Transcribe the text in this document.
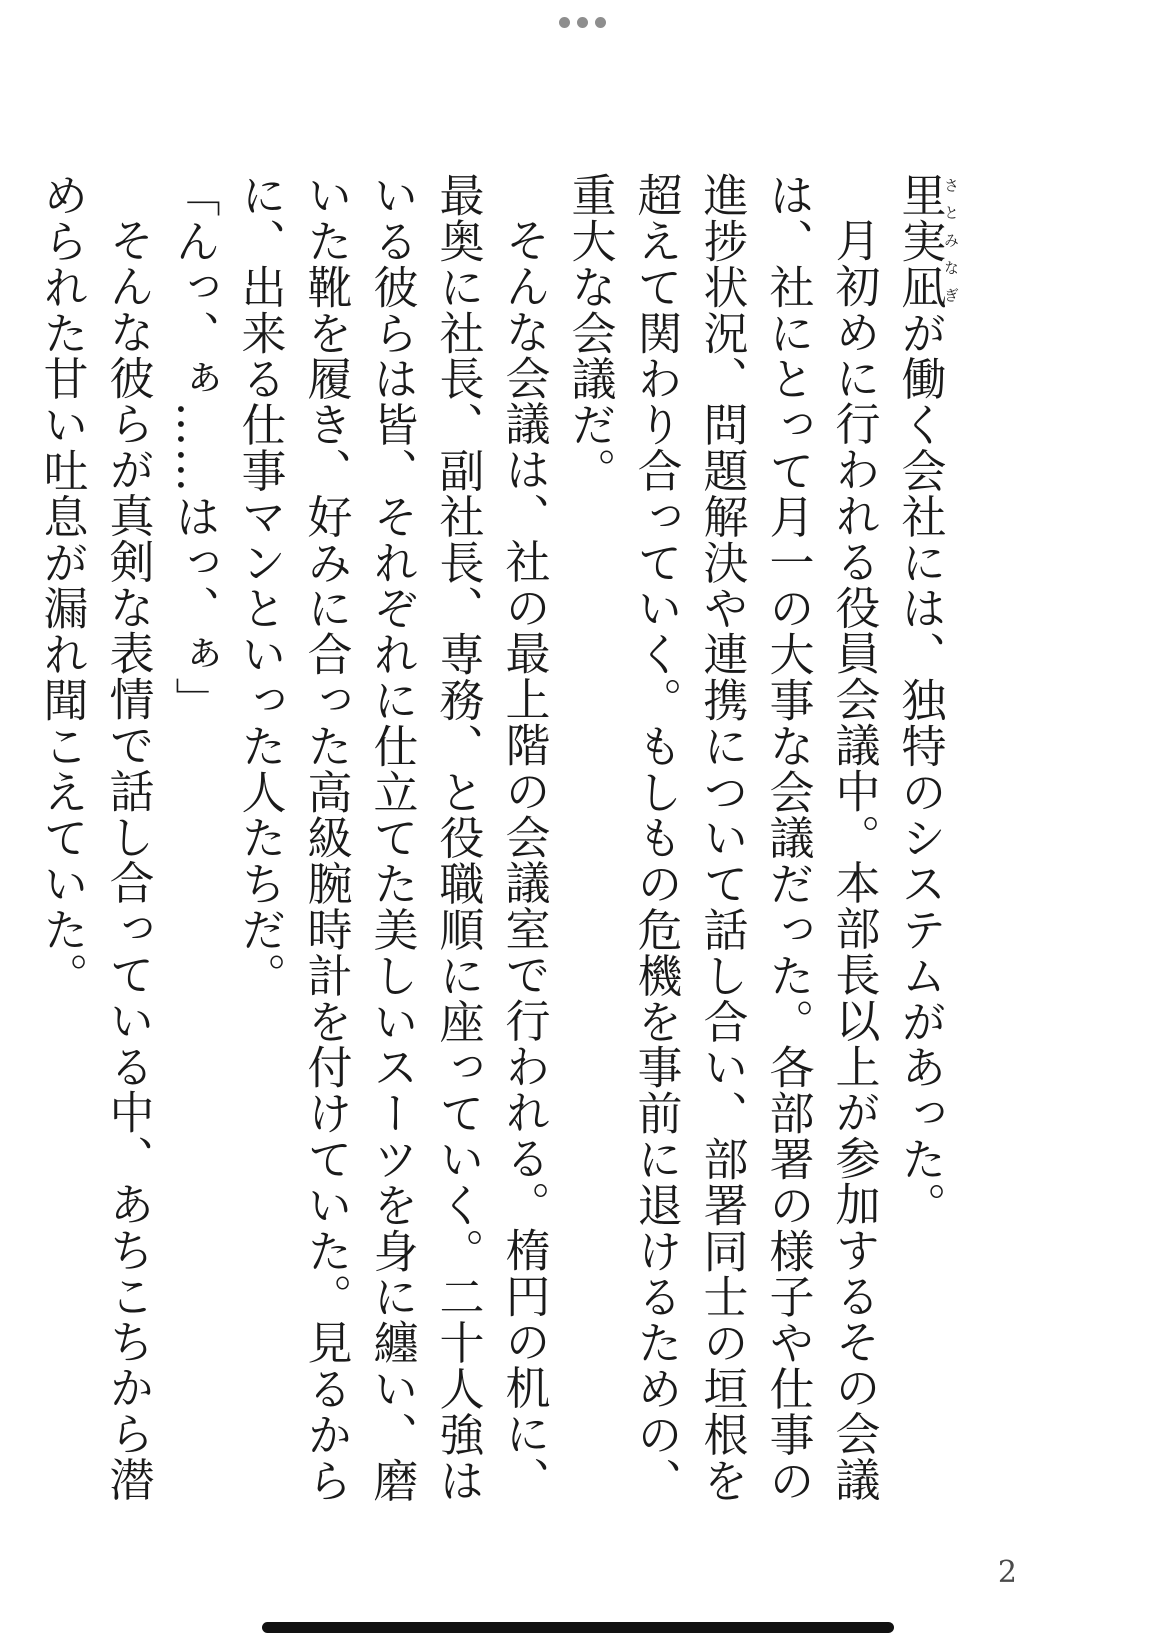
里実凪さとみなぎが働く会社には、独特のシステムがあった。

月初めに行われる役員会議中。本部長以上が参加するその会議は、社にとって月一の大事な会議だった。各部署の様子や仕事の進捗状況、問題解決や連携について話し合い、部署同士の垣根を超えて関わり合っていく。もしもの危機を事前に退けるための、重大な会議だ。

そんな会議は、社の最上階の会議室で行われる。楕円の机に、最奥に社長、副社長、専務、と役職順に座っていく。二十人強はいる彼らは皆、それぞれに仕立てた美しいスーツを身に纏い、磨いた靴を履き、好みに合った高級腕時計を付けていた。見るからに、出来る仕事マンといった人たちだ。

「んっ、ぁ……はっ、ぁ」

そんな彼らが真剣な表情で話し合っている中、あちこちから潜められた甘い吐息が漏れ聞こえていた。

2
